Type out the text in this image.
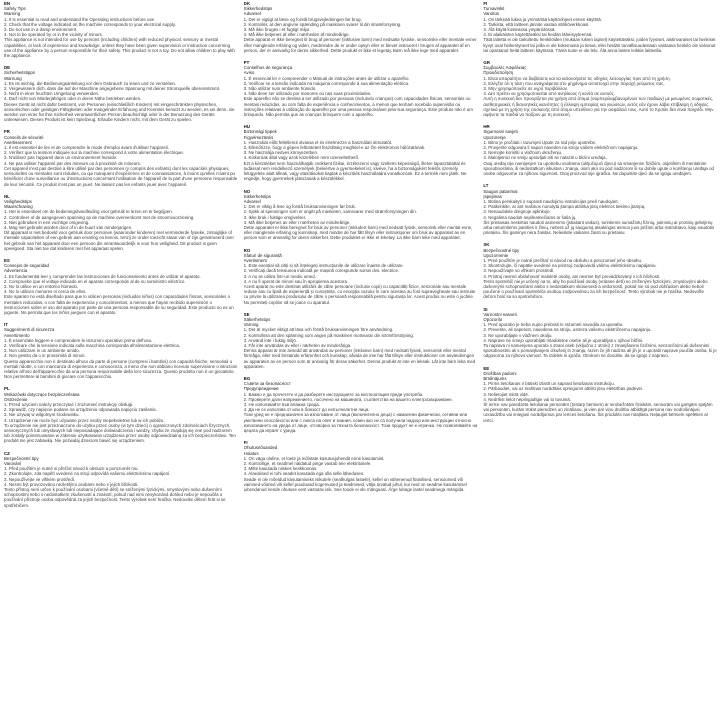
EN
Safety Tips
Warning
1. It is essential to read and understand the Operating instructions before use.
2. Check that the voltage indicated on the machine corresponds to your electrical supply.
3. Do not use in a damp environment.
4. Not to be operated by or in the vicinity of minors.
This appliance is not intended for use by persons (including children) with reduced physical, sensory or mental capabilities, or lack of experience and knowledge, unless they have been given supervision or instruction concerning use of the appliance by a person responsible for their safety. This product is not a toy. Do not allow children to play with the appliance.
DE
Sicherheitstipps
Warnung
1. Es ist wichtig, die Bedienungsanleitung vor dem Gebrauch zu lesen und zu verstehen.
2. Vergewissern dich, dass die auf der Maschine angegebene Spannung mit deiner Stromquelle übereinstimmt.
3. Nicht in einer feuchten Umgebung verwenden.
4. Darf nicht von Minderjährigen oder in deren Nähe betrieben werden.
Dieses Gerät ist nicht dafür bestimmt, von Personen (einschließlich Kindern) mit eingeschränkten physischen, sensorischen oder geistigen Fähigkeiten oder mangelnder Erfahrung und Kenntnis benutzt zu werden, es sei denn, sie werden von einer für ihre Sicherheit verantwortlichen Person beaufsichtigt oder in der Benutzung des Geräts unterwiesen. Dieses Produkt ist kein Spielzeug. Erlaube Kindern nicht, mit dem Gerät zu spielen.
FR
Conseils de sécurité
Avertissement
1. Il est essentiel de lire et de comprendre le mode d'emploi avant d'utiliser l'appareil.
2. Vérifiez que la tension indiquée sur la machine correspond à votre alimentation électrique.
3. N'utilisez pas l'appareil dans un environnement humide.
4. Ne pas utiliser l'appareil par des mineurs ou à proximité de mineurs.
Cet appareil n'est pas destiné à être utilisé par des personnes (y compris des enfants) dont les capacités physiques, sensorielles ou mentales sont réduites, ou qui manquent d'expérience et de connaissances, à moins qu'elles n'aient pu bénéficier d'une surveillance ou d'instructions concernant l'utilisation de l'appareil de la part d'une personne responsable de leur sécurité. Ce produit n'est pas un jouet. Ne laissez pas les enfants jouer avec l'appareil.
NL
Veiligheidstips
Waarschuwing
1. Het is essentieel om de bedieningshandleiding voor gebruik te lezen en te begrijpen.
2. Controleer of de aangegeven spanning op de machine overeenkomt met de stroomvoorziening.
3. Niet gebruiken in een vochtige omgeving.
4. Mag niet gebruikt worden door of in de buurt van minderjarigen.
Dit apparaat is niet bedoeld voor gebruik door personen (waaronder kinderen) met verminderde fysieke, zintuiglijke of mentale capaciteiten of een gebrek aan ervaring en kennis, tenzij ze onder toezicht staan van of zijn geïnstrueerd over het gebruik van het apparaat door een persoon die verantwoordelijk is voor hun veiligheid. Dit product is geen speelgoed. Sta niet toe dat kinderen met het apparaat spelen.
ES
Consejos de seguridad
Advertencia
1. Es fundamental leer y comprender las instrucciones de funcionamiento antes de utilizar el aparato.
2. Compruebe que el voltaje indicado en el aparato corresponde al de su suministro eléctrico.
3. No lo utilice en un entorno húmedo.
4. No lo utilicen menores ni cerca de ellos.
Este aparato no está diseñado para que lo utilicen personas (incluidos niños) con capacidades físicas, sensoriales o mentales reducidas, o con falta de experiencia y conocimientos, a menos que hayan recibido supervisión o instrucciones sobre el uso del aparato por parte de una persona responsable de su seguridad. Este producto no es un juguete. No permita que los niños jueguen con el aparato.
IT
Suggerimenti di sicurezza
Avvertimento
1. È essenziale leggere e comprendere le istruzioni operative prima dell'uso.
2. Verificare che la tensione indicata sulla macchina corrisponda all'alimentazione elettrica.
3. Non utilizzare in un ambiente umido.
4. Non gestito da o in prossimità di minori.
Questo apparecchio non è destinato all'uso da parte di persone (compresi i bambini) con capacità fisiche, sensoriali o mentali ridotte, o con mancanza di esperienza e conoscenza, a meno che non abbiano ricevuto supervisione o istruzioni relative all'uso dell'apparecchio da una persona responsabile della loro sicurezza. Questo prodotto non è un giocattolo. Non permettere ai bambini di giocare con l'apparecchio.
PL
Wskazówki dotyczące bezpieczeństwa
Ostrzeżenie
1. Przed użyciem należy przeczytać i zrozumieć instrukcję obsługi.
2. Sprawdź, czy napięcie podane na urządzeniu odpowiada napięciu zasilania.
3. Nie używaj w wilgotnym środowisku.
4. Urządzenie nie może być używane przez osoby niepełnoletnie lub w ich pobliżu.
To urządzenie nie jest przeznaczone do użytku przez osoby (w tym dzieci) o ograniczonych zdolnościach fizycznych, sensorycznych lub umysłowych lub nieposiadające doświadczenia i wiedzy, chyba że znajdują się one pod nadzorem lub zostały poinstruowane w zakresie użytkowania urządzenia przez osobę odpowiedzialną za ich bezpieczeństwo. Ten produkt nie jest zabawką. Nie pozwalaj dzieciom bawić się urządzeniem.
CZ
Bezpečnostní tipy
Varování
1. Před použitím je nutné si přečíst návod k obsluze a porozumět mu.
2. Zkontrolujte, zda napětí uvedené na stroji odpovídá vašemu elektrickému napájení.
3. Nepoužívejte ve vlhkém prostředí.
4. Nesmí být provozováno nezletilými osobami nebo v jejich blízkosti.
Tento přístroj není určen k používání osobami (včetně dětí) se sníženými fyzickými, smyslovými nebo duševními schopnostmi nebo s nedostatkem zkušeností a znalostí, pokud nad nimi nevykonává dohled nebo je nepoučila o používání přístroje osoba odpovědná za jejich bezpečnost. Tento výrobek není hračka. Nedovolte dětem hrát si se spotřebičem.
DK
Sikkerhedstips
Advarsel
1. Det er vigtigt at læse og forstå brugsvejledningen før brug.
2. Kontrollér, at den angivne spænding på maskinen svarer til din strømforsyning.
3. Må ikke bruges i et fugtigt miljø.
4. Må ikke betjenes af eller i nærheden af mindreårige.
Dette apparat er ikke beregnet til brug af personer (inklusive børn) med nedsatte fysiske, sensoriske eller mentale evner eller manglende erfaring og viden, medmindre de er under opsyn eller er blevet instrueret i brugen af apparatet af en person, der er ansvarlig for deres sikkerhed. Dette produkt er ikke et legetøj. Børn må ikke lege med apparatet.
PT
Conselhos de segurança
Aviso
1. É essencial ler e compreender o Manual de instruções antes de utilizar o aparelho.
2. Verificar se a tensão indicada na máquina corresponde à sua alimentação elétrica.
3. Não utilizar num ambiente húmido.
4. Não deve ser utilizado por menores ou nas suas proximidades.
Este aparelho não se destina a ser utilizado por pessoas (incluindo crianças) com capacidades físicas, sensoriais ou mentais reduzidas, ou com falta de experiência e conhecimentos, a menos que tenham recebido supervisão ou instruções relativas à utilização do aparelho por uma pessoa responsável pela sua segurança. Este produto não é um brinquedo. Não permita que as crianças brinquem com o aparelho.
HU
Biztonsági tippek
Figyelmeztetés
1. Használat előtt feltétlenül olvassa el és értelmezze a használati útmutatót.
2. Ellenőrizze, hogy a gépen feltüntetett feszültség megfelel-e az Ön elektromos hálózatának.
3. Ne használja nedves környezetben.
4. Kiskorúak által vagy azok közelében nem üzemeltethető.
Ezt a készüléket nem használhatják csökkent fizikai, érzékszervi vagy szellemi képességű, illetve tapasztalattal és tudással nem rendelkező személyek (beleértve a gyermekeket is), kivéve, ha a biztonságukért felelős személy felügyelete alatt állnak, vagy utasításokat kaptak a készülék használatára vonatkozóan. Ez a termék nem játék. Ne engedje, hogy gyermekek játsszanak a készülékkel.
NO
Sikkerhetstips
Advarsel
1. Det er viktig å lese og forstå bruksanvisningen før bruk.
2. Sjekk at spenningen som er angitt på maskinen, samsvarer med strømforsyningen din.
3. Ikke bruk i fuktige omgivelser.
4. Må ikke betjenes av eller i nærheten av mindreårige.
Dette apparatet er ikke beregnet for bruk av personer (inkludert barn) med nedsatt fysisk, sensorisk eller mental evne, eller manglende erfaring og kunnskap, med mindre de har fått tilsyn eller instruksjoner om bruk av apparatet av en person som er ansvarlig for deres sikkerhet. Dette produktet er ikke et leketøy. La ikke barn leke med apparatet.
RO
Sfaturi de siguranță
Avertisment
1. Este esențial să citiți și să înțelegeți instrucțiunile de utilizare înainte de utilizare.
2. Verificați dacă tensiunea indicată pe mașină corespunde sursei dvs. electrice.
3. A nu se utiliza într-un mediu umed.
4. A nu fi operat de minori sau în apropierea acestora.
Acest aparat nu este destinat utilizării de către persoane (inclusiv copii) cu capacități fizice, senzoriale sau mentale reduse sau cu lipsă de experiență și cunoștințe, cu excepția cazului în care acestea au fost supravegheate sau instruite cu privire la utilizarea produsului de către o persoană responsabilă pentru siguranța lor. Acest produs nu este o jucărie. Nu permiteți copiilor să se joace cu aparatul.
SE
Säkerhetstips
Varning
1. Det är mycket viktigt att läsa och förstå bruksanvisningen före användning.
2. Kontrollera att den spänning som anges på maskinen motsvarar din strömförsörjning.
3. Använd inte i fuktig miljö.
4. Får inte användas av eller i närheten av minderåriga.
Denna apparat är inte avsedd att användas av personer (inklusive barn) med nedsatt fysisk, sensorisk eller mental förmåga, eller med bristande erfarenhet och kunskap, såvida de inte har fått tillsyn eller instruktioner om användningen av apparaten av en person som är ansvarig för deras säkerhet. Denna produkt är inte en leksak. Låt inte barn leka med apparaten.
BG
Съвети за безопасност
Предупреждение
1. Важно е да прочетете и да разберете инструкциите за експлоатация преди употреба.
2. Проверете дали напрежението, посочено на машината, съответства на вашето електрозахранване.
3. Не използвайте във влажна среда.
4. Да не се използва от или в близост до непълнолетни лица.
Този уред не е предназначен за използване от лица (включително деца) с намалени физически, сетивни или умствени способности или с липса на опит и знания, освен ако не са получили надзор или инструкции относно използването на уреда от лице, отговорно за тяхната безопасност. Този продукт не е играчка. Не позволявайте на децата да играят с уреда.
FI
Ohutusnõuanded
Hoiatus
1. On väga oluline, et loete ja mõistate kasutusjuhendit enne kasutamist.
2. Kontrollige, et seadmel näidatud pinge vastab teie elektritoitele.
3. Mitte kasutada niiskes keskkonnas.
4. Alaealised ei tohi seadet kasutada ega olla selle läheduses.
Seade ei ole mõeldud kasutamiseks isikutele (sealhulgas lastele), kellel on vähenenud füüsilised, sensoorsed või vaimsed võimed või kellel puuduvad kogemused ja teadmised, välja arvatud juhul, kui neid on seadme kasutamisel juhendanud nende ohutuse eest vastutav isik. See toode ei ole mänguasi. Ärge lubage lastel seadmega mängida.
FI
Turvavinkit
Varoitus
1. On tärkeää lukea ja ymmärtää käyttöohjeet ennen käyttöä.
2. Tarkista, että laitteen jännite vastaa sähköverkkoasi.
3. Älä käytä kosteassa ympäristössä.
4. Ei alaikäisten käytettäväksi tai heidän läheisyyteensä.
Tätä laitetta ei ole tarkoitettu henkilöiden (mukaan lukien lapset) käytettäväksi, joiden fyysiset, aistinvaraiset tai henkiset kyvyt ovat heikentyneet tai joilla ei ole kokemusta ja tietoa, ellei heidän turvallisuudestaan vastaava henkilö ole valvonut tai opastanut heitä laitteen käytössä. Tämä tuote ei ole lelu. Älä anna lasten leikkiä laitteella.
GR
Συμβουλές Ασφάλειας
Προειδοποίηση
1. Είναι απαραίτητο να διαβάσετε και να κατανοήσετε τις οδηγίες λειτουργίας πριν από τη χρήση.
2. Ελέγξτε ότι η τάση που αναγράφεται στο μηχάνημα αντιστοιχεί στην παροχή ρεύματος σας.
3. Μην χρησιμοποιείτε σε υγρό περιβάλλον.
4. Δεν πρέπει να χρησιμοποιείται από ανηλίκους ή κοντά σε αυτούς.
Αυτή η συσκευή δεν προορίζεται για χρήση από άτομα (συμπεριλαμβανομένων των παιδιών) με μειωμένες σωματικές, αισθητηριακές ή διανοητικές ικανότητες ή έλλειψη εμπειρίας και γνώσεων, εκτός εάν έχουν λάβει επίβλεψη ή οδηγίες σχετικά με τη χρήση της συσκευής από άτομο υπεύθυνο για την ασφάλειά τους. Αυτό το προϊόν δεν είναι παιχνίδι. Μην αφήνετε τα παιδιά να παίζουν με τη συσκευή.
HR
Sigurnosni savjeti
Upozorenje
1. Bitno je pročitati i razumjeti Upute za rad prije upotrebe.
2. Provjerite odgovara li napon naveden na stroju vašem električnom napajanju.
3. Nemojte koristiti u vlažnom okruženju.
4. Maloljetnici ne smiju upravljati niti se nalaziti u blizini uređaja.
Ovaj uređaj nije namijenjen za upotrebu osobama (uključujući djecu) sa smanjenim fizičkim, osjetilnim ili mentalnim sposobnostima, ili nedostatkom iskustva i znanja, osim ako su pod nadzorom ili su dobile upute o korištenju uređaja od osobe odgovorne za njihovu sigurnost. Ovaj proizvod nije igračka. Ne dopustite djeci da se igraju uređajem.
LT
Saugos patarimai
Įspėjimas
1. Būtina perskaityti ir suprasti naudojimo instrukcijas prieš naudojant.
2. Patikrinkite, ar ant mašinos nurodyta įtampa atitinka jūsų elektros tiekimo įtampą.
3. Nenaudokite drėgnoje aplinkoje.
4. Negalima naudoti nepilnamečiams ar šalia jų.
Šis prietaisas neskirtas naudoti asmenims (įskaitant vaikus), turintiems sumažintų fizinių, jutiminių ar protinių gebėjimų arba neturintiems patirties ir žinių, nebent už jų saugumą atsakingas asmuo juos prižiūri arba instruktavo, kaip naudotis prietaisu. Šis gaminys nėra žaislas. Neleiskite vaikams žaisti su prietaisu.
SK
Bezpečnostné tipy
Upozornenie
1. Pred použitím je nutné prečítať si návod na obsluhu a porozumieť jeho obsahu.
2. Skontrolujte, či napätie uvedené na prístroji zodpovedá vášmu elektrickému napájaniu.
3. Nepoužívajte vo vlhkom prostredí.
4. Prístroj nesmú obsluhovať maloleté osoby, ani nesmie byť prevádzkovaný v ich blízkosti.
Tento spotrebič nie je určený na to, aby ho používali osoby (vrátane detí) so zníženými fyzickými, zmyslovými alebo duševnými schopnosťami alebo s nedostatkom skúseností a vedomostí, pokiaľ nie sú pod dohľadom alebo neboli poučené o používaní spotrebiča osobou zodpovednou za ich bezpečnosť. Tento výrobok nie je hračka. Nedovoľte deťom hrať sa so spotrebičom.
SI
Varnostni nasveti
Opozorilo
1. Pred uporabo je treba nujno prebrati in razumeti navodila za uporabo.
2. Preverite, ali napetost, navedena na stroju, ustreza vašemu električnemu napajanju.
3. Ne uporabljajte v vlažnem okolju.
4. Naprave ne smejo uporabljati mladoletne osebe ali je uporabljati v njihovi bližini.
Ta naprava ni namenjena uporabi s strani oseb (vključno z otroki) z zmanjšanimi fizičnimi, senzoričnimi ali duševnimi sposobnostmi ali s pomanjkanjem izkušenj in znanja, razen če jih nadzira ali jih je o uporabi naprave poučila oseba, ki je odgovorna za njihovo varnost. Ta izdelek ni igrača. Otrokom ne dovolite, da se igrajo z napravo.
EE
Drošības padomi
Brīdinājums
1. Pirms lietošanas ir būtiski izlasīt un saprast lietošanas instrukciju.
2. Pārbaudiet, vai uz mašīnas norādītais spriegums atbilst jūsu elektrības padevei.
3. Nelietojiet mitrā vidē.
4. Nedrīkst lietot nepilngadīgie vai to tuvumā.
Šī ierīce nav paredzēta lietošanai personām (tostarp bērniem) ar ierobežotām fiziskām, sensorām vai garīgām spējām vai personām, kurām trūkst pieredzes un zināšanu, ja vien par viņu drošību atbildīgā persona nav nodrošinājusi uzraudzību vai sniegusi norādījumus par ierīces lietošanu. Šis produkts nav rotaļlieta. Neļaujiet bērniem spēlēties ar ierīci.
